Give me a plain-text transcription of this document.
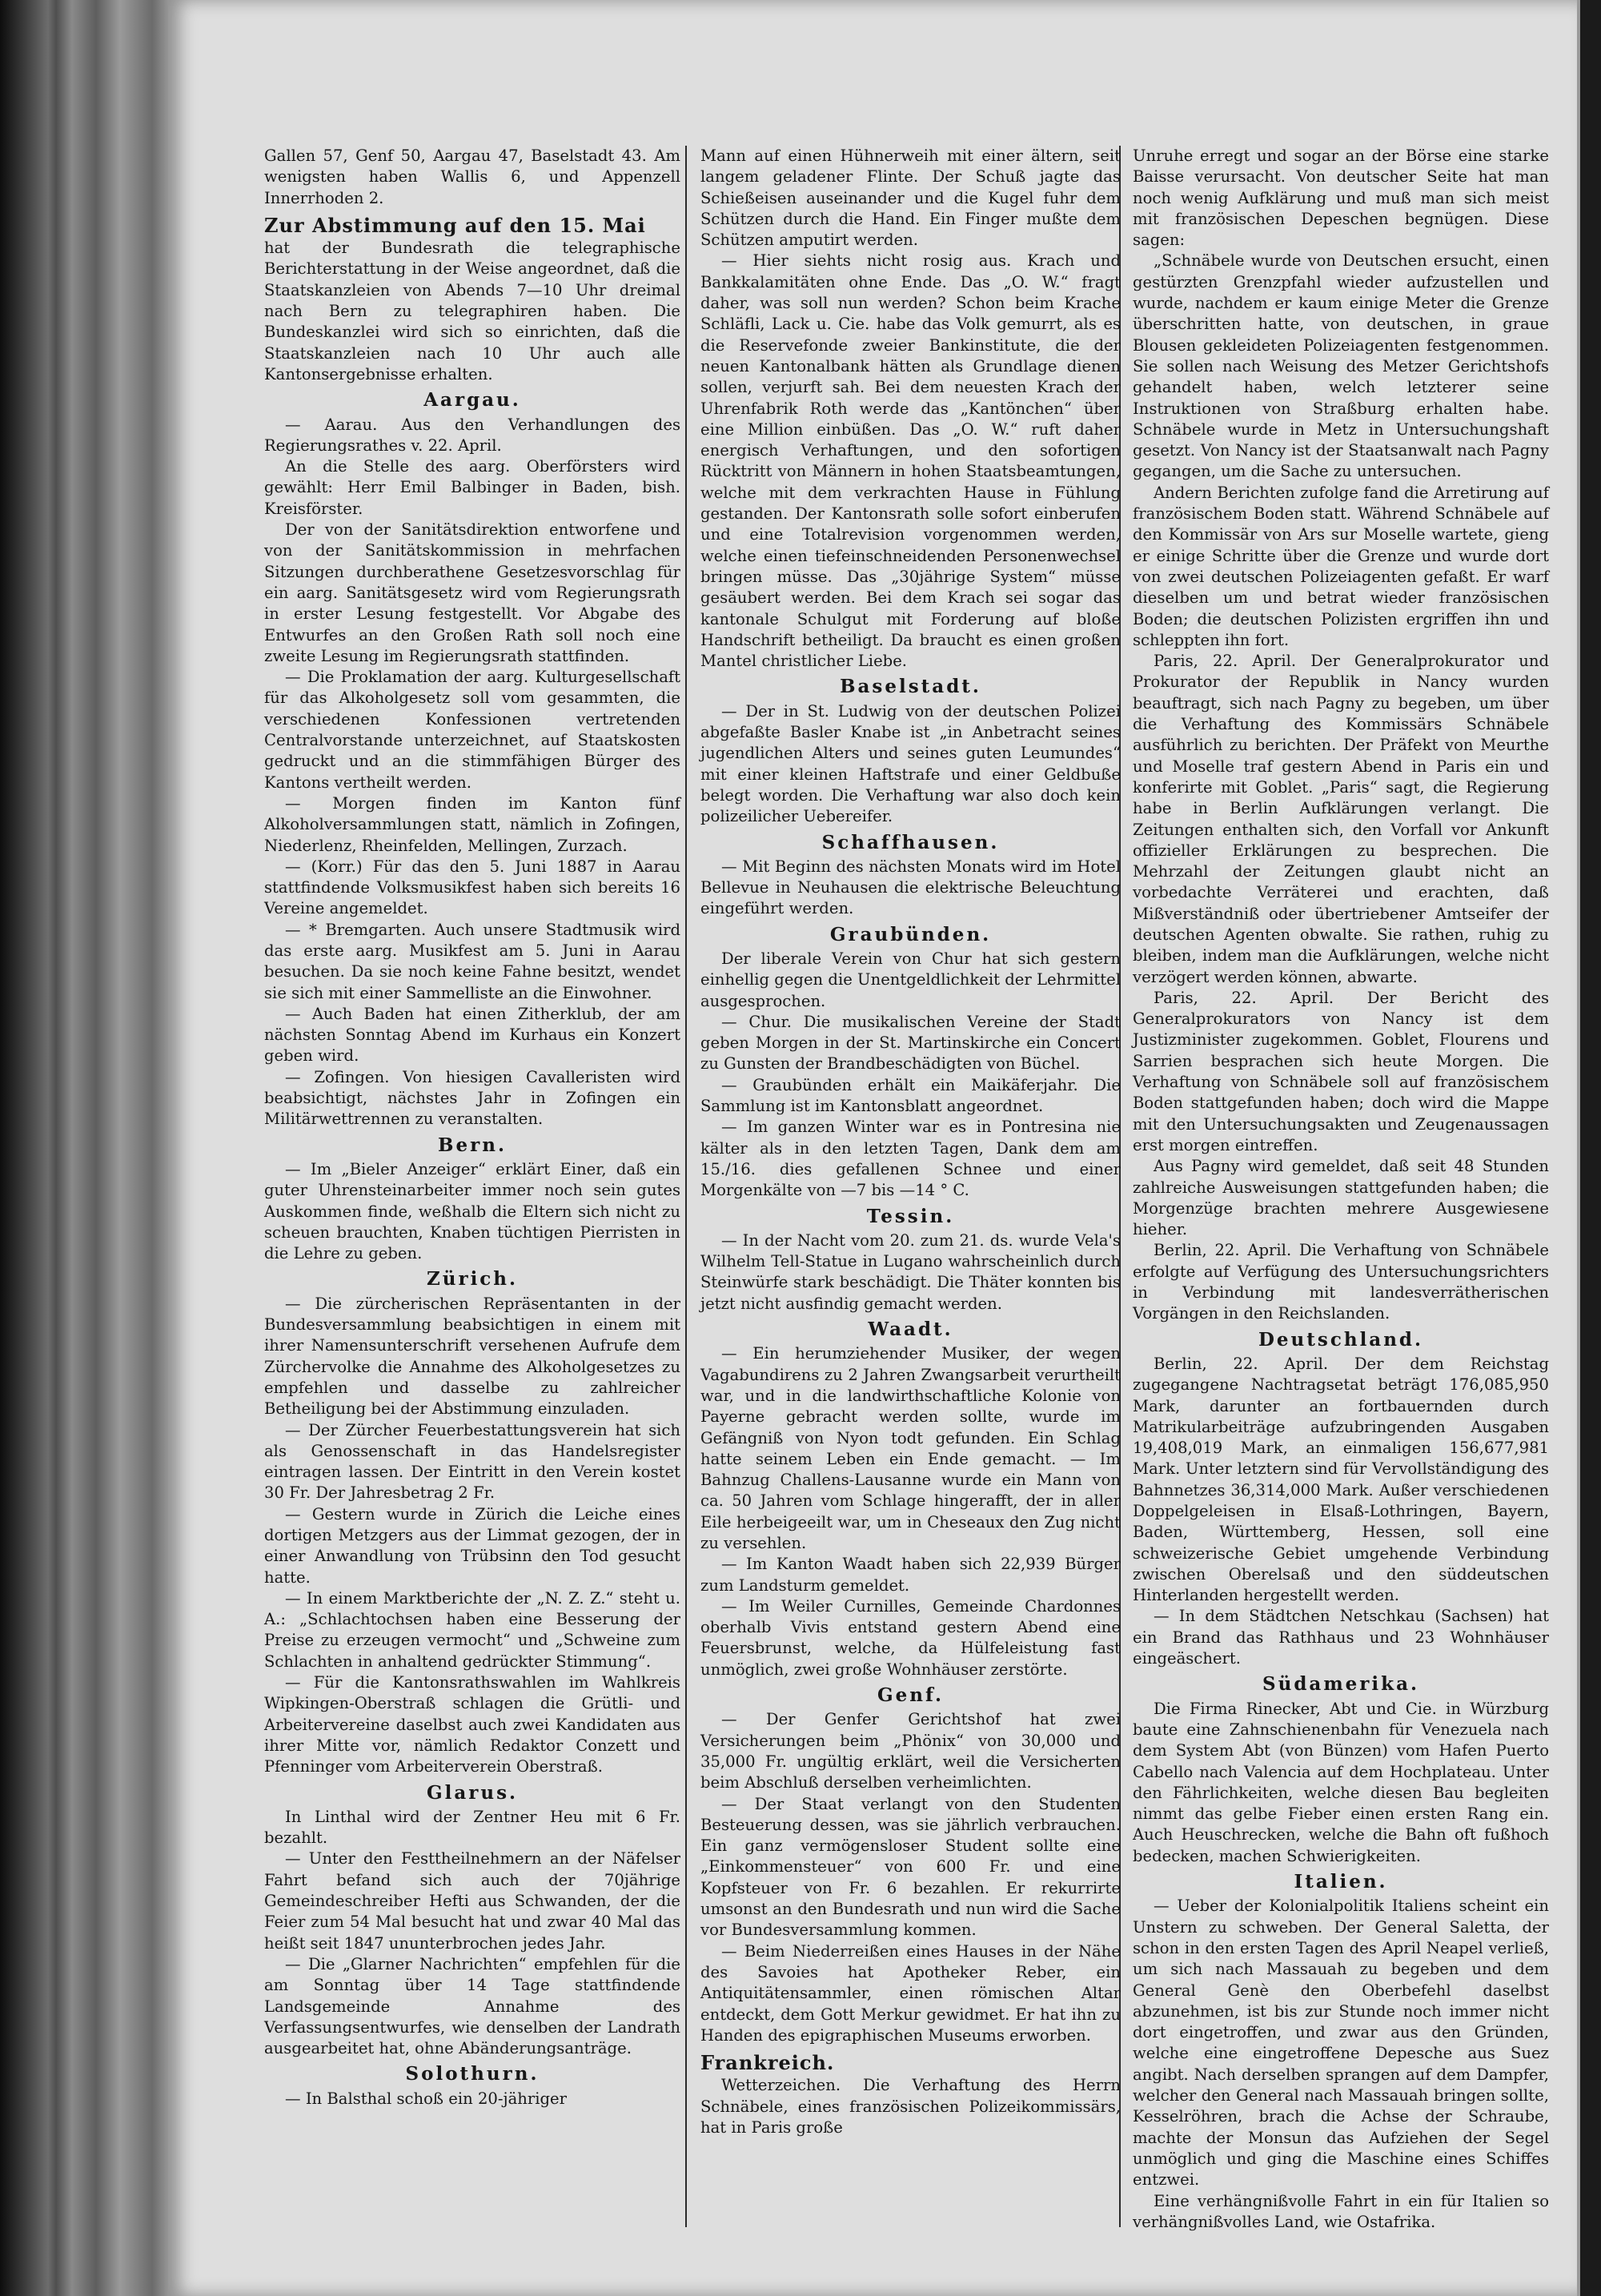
Gallen 57, Genf 50, Aargau 47, Baselstadt 43. Am wenigsten haben Wallis 6, und Appenzell Innerrhoden 2.

Zur Abstimmung auf den 15. Mai

hat der Bundesrath die telegraphische Berichterstattung in der Weise angeordnet, daß die Staatskanzleien von Abends 7—10 Uhr dreimal nach Bern zu telegraphiren haben. Die Bundeskanzlei wird sich so einrichten, daß die Staatskanzleien nach 10 Uhr auch alle Kantonsergebnisse erhalten.

Aargau.

— Aarau. Aus den Verhandlungen des Regierungsrathes v. 22. April.

An die Stelle des aarg. Oberförsters wird gewählt: Herr Emil Balbinger in Baden, bish. Kreisförster.

Der von der Sanitätsdirektion entworfene und von der Sanitätskommission in mehrfachen Sitzungen durchberathene Gesetzesvorschlag für ein aarg. Sanitätsgesetz wird vom Regierungsrath in erster Lesung festgestellt. Vor Abgabe des Entwurfes an den Großen Rath soll noch eine zweite Lesung im Regierungsrath stattfinden.

— Die Proklamation der aarg. Kulturgesellschaft für das Alkoholgesetz soll vom gesammten, die verschiedenen Konfessionen vertretenden Centralvorstande unterzeichnet, auf Staatskosten gedruckt und an die stimmfähigen Bürger des Kantons vertheilt werden.

— Morgen finden im Kanton fünf Alkoholversammlungen statt, nämlich in Zofingen, Niederlenz, Rheinfelden, Mellingen, Zurzach.

— (Korr.) Für das den 5. Juni 1887 in Aarau stattfindende Volksmusikfest haben sich bereits 16 Vereine angemeldet.

— * Bremgarten. Auch unsere Stadtmusik wird das erste aarg. Musikfest am 5. Juni in Aarau besuchen. Da sie noch keine Fahne besitzt, wendet sie sich mit einer Sammelliste an die Einwohner.

— Auch Baden hat einen Zitherklub, der am nächsten Sonntag Abend im Kurhaus ein Konzert geben wird.

— Zofingen. Von hiesigen Cavalleristen wird beabsichtigt, nächstes Jahr in Zofingen ein Militärwettrennen zu veranstalten.

Bern.

— Im „Bieler Anzeiger“ erklärt Einer, daß ein guter Uhrensteinarbeiter immer noch sein gutes Auskommen finde, weßhalb die Eltern sich nicht zu scheuen brauchten, Knaben tüchtigen Pierristen in die Lehre zu geben.

Zürich.

— Die zürcherischen Repräsentanten in der Bundesversammlung beabsichtigen in einem mit ihrer Namensunterschrift versehenen Aufrufe dem Zürchervolke die Annahme des Alkoholgesetzes zu empfehlen und dasselbe zu zahlreicher Betheiligung bei der Abstimmung einzuladen.

— Der Zürcher Feuerbestattungsverein hat sich als Genossenschaft in das Handelsregister eintragen lassen. Der Eintritt in den Verein kostet 30 Fr. Der Jahresbetrag 2 Fr.

— Gestern wurde in Zürich die Leiche eines dortigen Metzgers aus der Limmat gezogen, der in einer Anwandlung von Trübsinn den Tod gesucht hatte.

— In einem Marktberichte der „N. Z. Z.“ steht u. A.: „Schlachtochsen haben eine Besserung der Preise zu erzeugen vermocht“ und „Schweine zum Schlachten in anhaltend gedrückter Stimmung“.

— Für die Kantonsrathswahlen im Wahlkreis Wipkingen-Oberstraß schlagen die Grütli- und Arbeitervereine daselbst auch zwei Kandidaten aus ihrer Mitte vor, nämlich Redaktor Conzett und Pfenninger vom Arbeiterverein Oberstraß.

Glarus.

In Linthal wird der Zentner Heu mit 6 Fr. bezahlt.

— Unter den Festtheilnehmern an der Näfelser Fahrt befand sich auch der 70jährige Gemeindeschreiber Hefti aus Schwanden, der die Feier zum 54 Mal besucht hat und zwar 40 Mal das heißt seit 1847 ununterbrochen jedes Jahr.

— Die „Glarner Nachrichten“ empfehlen für die am Sonntag über 14 Tage stattfindende Landsgemeinde Annahme des Verfassungsentwurfes, wie denselben der Landrath ausgearbeitet hat, ohne Abänderungsanträge.

Solothurn.

— In Balsthal schoß ein 20-jähriger

Mann auf einen Hühnerweih mit einer ältern, seit langem geladener Flinte. Der Schuß jagte das Schießeisen auseinander und die Kugel fuhr dem Schützen durch die Hand. Ein Finger mußte dem Schützen amputirt werden.

— Hier siehts nicht rosig aus. Krach und Bankkalamitäten ohne Ende. Das „O. W.“ fragt daher, was soll nun werden? Schon beim Krache Schläfli, Lack u. Cie. habe das Volk gemurrt, als es die Reservefonde zweier Bankinstitute, die der neuen Kantonalbank hätten als Grundlage dienen sollen, verjurft sah. Bei dem neuesten Krach der Uhrenfabrik Roth werde das „Kantönchen“ über eine Million einbüßen. Das „O. W.“ ruft daher energisch Verhaftungen, und den sofortigen Rücktritt von Männern in hohen Staatsbeamtungen, welche mit dem verkrachten Hause in Fühlung gestanden. Der Kantonsrath solle sofort einberufen und eine Totalrevision vorgenommen werden, welche einen tiefeinschneidenden Personenwechsel bringen müsse. Das „30jährige System“ müsse gesäubert werden. Bei dem Krach sei sogar das kantonale Schulgut mit Forderung auf bloße Handschrift betheiligt. Da braucht es einen großen Mantel christlicher Liebe.

Baselstadt.

— Der in St. Ludwig von der deutschen Polizei abgefaßte Basler Knabe ist „in Anbetracht seines jugendlichen Alters und seines guten Leumundes“ mit einer kleinen Haftstrafe und einer Geldbuße belegt worden. Die Verhaftung war also doch kein polizeilicher Uebereifer.

Schaffhausen.

— Mit Beginn des nächsten Monats wird im Hotel Bellevue in Neuhausen die elektrische Beleuchtung eingeführt werden.

Graubünden.

Der liberale Verein von Chur hat sich gestern einhellig gegen die Unentgeldlichkeit der Lehrmittel ausgesprochen.

— Chur. Die musikalischen Vereine der Stadt geben Morgen in der St. Martinskirche ein Concert zu Gunsten der Brandbeschädigten von Büchel.

— Graubünden erhält ein Maikäferjahr. Die Sammlung ist im Kantonsblatt angeordnet.

— Im ganzen Winter war es in Pontresina nie kälter als in den letzten Tagen, Dank dem am 15./16. dies gefallenen Schnee und einer Morgenkälte von —7 bis —14 ° C.

Tessin.

— In der Nacht vom 20. zum 21. ds. wurde Vela's Wilhelm Tell-Statue in Lugano wahrscheinlich durch Steinwürfe stark beschädigt. Die Thäter konnten bis jetzt nicht ausfindig gemacht werden.

Waadt.

— Ein herumziehender Musiker, der wegen Vagabundirens zu 2 Jahren Zwangsarbeit verurtheilt war, und in die landwirthschaftliche Kolonie von Payerne gebracht werden sollte, wurde im Gefängniß von Nyon todt gefunden. Ein Schlag hatte seinem Leben ein Ende gemacht. — Im Bahnzug Challens-Lausanne wurde ein Mann von ca. 50 Jahren vom Schlage hingerafft, der in aller Eile herbeigeeilt war, um in Cheseaux den Zug nicht zu versehlen.

— Im Kanton Waadt haben sich 22,939 Bürger zum Landsturm gemeldet.

— Im Weiler Curnilles, Gemeinde Chardonnes oberhalb Vivis entstand gestern Abend eine Feuersbrunst, welche, da Hülfeleistung fast unmöglich, zwei große Wohnhäuser zerstörte.

Genf.

— Der Genfer Gerichtshof hat zwei Versicherungen beim „Phönix“ von 30,000 und 35,000 Fr. ungültig erklärt, weil die Versicherten beim Abschluß derselben verheimlichten.

— Der Staat verlangt von den Studenten Besteuerung dessen, was sie jährlich verbrauchen. Ein ganz vermögensloser Student sollte eine „Einkommensteuer“ von 600 Fr. und eine Kopfsteuer von Fr. 6 bezahlen. Er rekurrirte umsonst an den Bundesrath und nun wird die Sache vor Bundesversammlung kommen.

— Beim Niederreißen eines Hauses in der Nähe des Savoies hat Apotheker Reber, ein Antiquitätensammler, einen römischen Altar entdeckt, dem Gott Merkur gewidmet. Er hat ihn zu Handen des epigraphischen Museums erworben.

Frankreich.

Wetterzeichen. Die Verhaftung des Herrn Schnäbele, eines französischen Polizeikommissärs, hat in Paris große

Unruhe erregt und sogar an der Börse eine starke Baisse verursacht. Von deutscher Seite hat man noch wenig Aufklärung und muß man sich meist mit französischen Depeschen begnügen. Diese sagen:

„Schnäbele wurde von Deutschen ersucht, einen gestürzten Grenzpfahl wieder aufzustellen und wurde, nachdem er kaum einige Meter die Grenze überschritten hatte, von deutschen, in graue Blousen gekleideten Polizeiagenten festgenommen. Sie sollen nach Weisung des Metzer Gerichtshofs gehandelt haben, welch letzterer seine Instruktionen von Straßburg erhalten habe. Schnäbele wurde in Metz in Untersuchungshaft gesetzt. Von Nancy ist der Staatsanwalt nach Pagny gegangen, um die Sache zu untersuchen.

Andern Berichten zufolge fand die Arretirung auf französischem Boden statt. Während Schnäbele auf den Kommissär von Ars sur Moselle wartete, gieng er einige Schritte über die Grenze und wurde dort von zwei deutschen Polizeiagenten gefaßt. Er warf dieselben um und betrat wieder französischen Boden; die deutschen Polizisten ergriffen ihn und schleppten ihn fort.

Paris, 22. April. Der Generalprokurator und Prokurator der Republik in Nancy wurden beauftragt, sich nach Pagny zu begeben, um über die Verhaftung des Kommissärs Schnäbele ausführlich zu berichten. Der Präfekt von Meurthe und Moselle traf gestern Abend in Paris ein und konferirte mit Goblet. „Paris“ sagt, die Regierung habe in Berlin Aufklärungen verlangt. Die Zeitungen enthalten sich, den Vorfall vor Ankunft offizieller Erklärungen zu besprechen. Die Mehrzahl der Zeitungen glaubt nicht an vorbedachte Verräterei und erachten, daß Mißverständniß oder übertriebener Amtseifer der deutschen Agenten obwalte. Sie rathen, ruhig zu bleiben, indem man die Aufklärungen, welche nicht verzögert werden können, abwarte.

Paris, 22. April. Der Bericht des Generalprokurators von Nancy ist dem Justizminister zugekommen. Goblet, Flourens und Sarrien besprachen sich heute Morgen. Die Verhaftung von Schnäbele soll auf französischem Boden stattgefunden haben; doch wird die Mappe mit den Untersuchungsakten und Zeugenaussagen erst morgen eintreffen.

Aus Pagny wird gemeldet, daß seit 48 Stunden zahlreiche Ausweisungen stattgefunden haben; die Morgenzüge brachten mehrere Ausgewiesene hieher.

Berlin, 22. April. Die Verhaftung von Schnäbele erfolgte auf Verfügung des Untersuchungsrichters in Verbindung mit landesverrätherischen Vorgängen in den Reichslanden.

Deutschland.

Berlin, 22. April. Der dem Reichstag zugegangene Nachtragsetat beträgt 176,085,950 Mark, darunter an fortbauernden durch Matrikularbeiträge aufzubringenden Ausgaben 19,408,019 Mark, an einmaligen 156,677,981 Mark. Unter letztern sind für Vervollständigung des Bahnnetzes 36,314,000 Mark. Außer verschiedenen Doppelgeleisen in Elsaß-Lothringen, Bayern, Baden, Württemberg, Hessen, soll eine schweizerische Gebiet umgehende Verbindung zwischen Oberelsaß und den süddeutschen Hinterlanden hergestellt werden.

— In dem Städtchen Netschkau (Sachsen) hat ein Brand das Rathhaus und 23 Wohnhäuser eingeäschert.

Südamerika.

Die Firma Rinecker, Abt und Cie. in Würzburg baute eine Zahnschienenbahn für Venezuela nach dem System Abt (von Bünzen) vom Hafen Puerto Cabello nach Valencia auf dem Hochplateau. Unter den Fährlichkeiten, welche diesen Bau begleiten nimmt das gelbe Fieber einen ersten Rang ein. Auch Heuschrecken, welche die Bahn oft fußhoch bedecken, machen Schwierigkeiten.

Italien.

— Ueber der Kolonialpolitik Italiens scheint ein Unstern zu schweben. Der General Saletta, der schon in den ersten Tagen des April Neapel verließ, um sich nach Massauah zu begeben und dem General Genè den Oberbefehl daselbst abzunehmen, ist bis zur Stunde noch immer nicht dort eingetroffen, und zwar aus den Gründen, welche eine eingetroffene Depesche aus Suez angibt. Nach derselben sprangen auf dem Dampfer, welcher den General nach Massauah bringen sollte, Kesselröhren, brach die Achse der Schraube, machte der Monsun das Aufziehen der Segel unmöglich und ging die Maschine eines Schiffes entzwei.

Eine verhängnißvolle Fahrt in ein für Italien so verhängnißvolles Land, wie Ostafrika.
